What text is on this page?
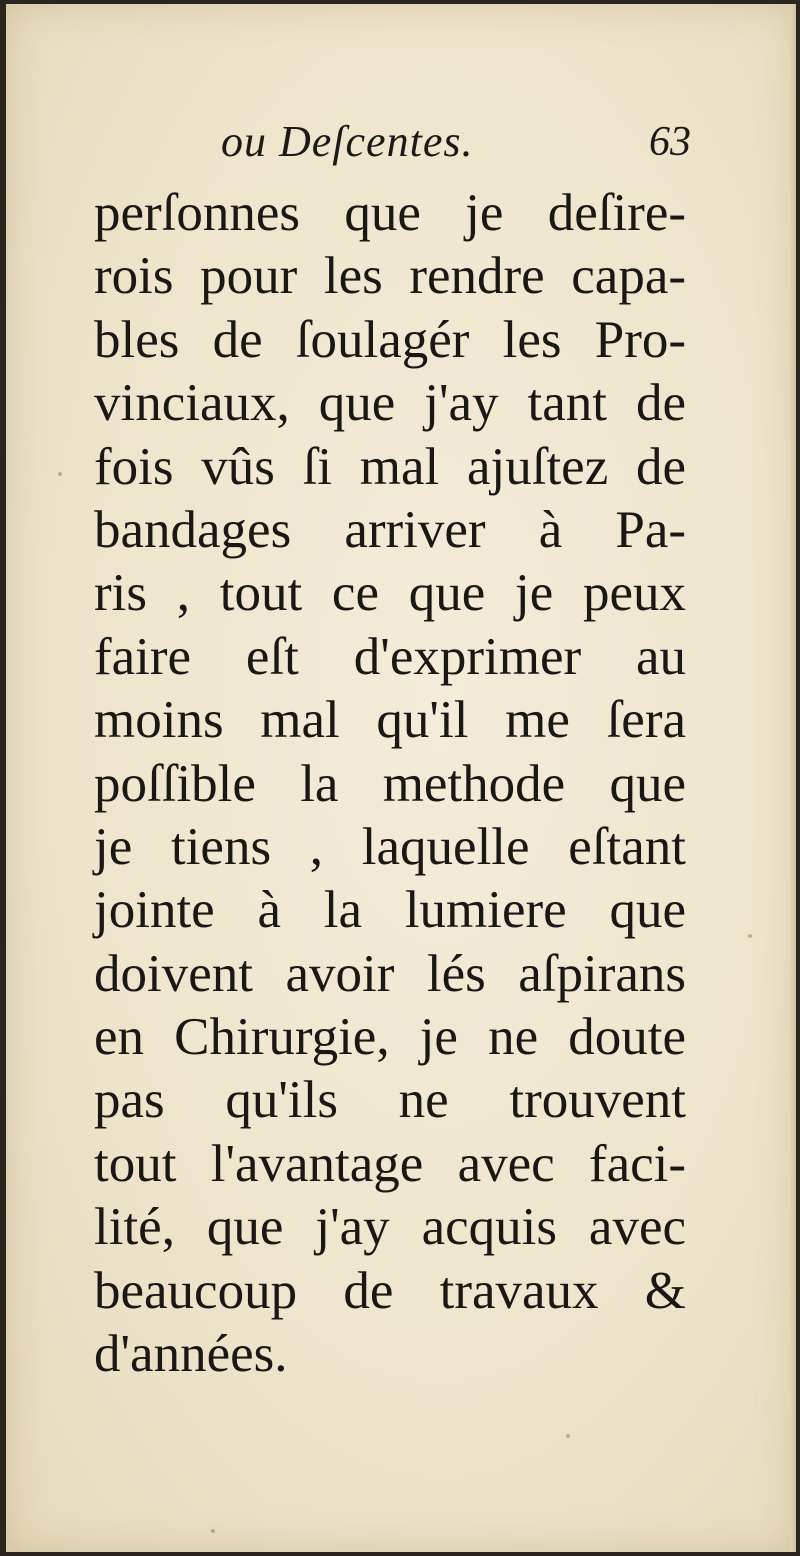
ou Deſcentes.	63
perſonnes que je deſire-
rois pour les rendre capa-
bles de ſoulagér les Pro-
vinciaux, que j'ay tant de
fois vûs ſi mal ajuſtez de
bandages arriver à Pa-
ris , tout ce que je peux
faire eſt d'exprimer au
moins mal qu'il me ſera
poſſible la methode que
je tiens , laquelle eſtant
jointe à la lumiere que
doivent avoir lés aſpirans
en Chirurgie, je ne doute
pas qu'ils ne trouvent
tout l'avantage avec faci-
lité, que j'ay acquis avec
beaucoup de travaux &
d'années.
